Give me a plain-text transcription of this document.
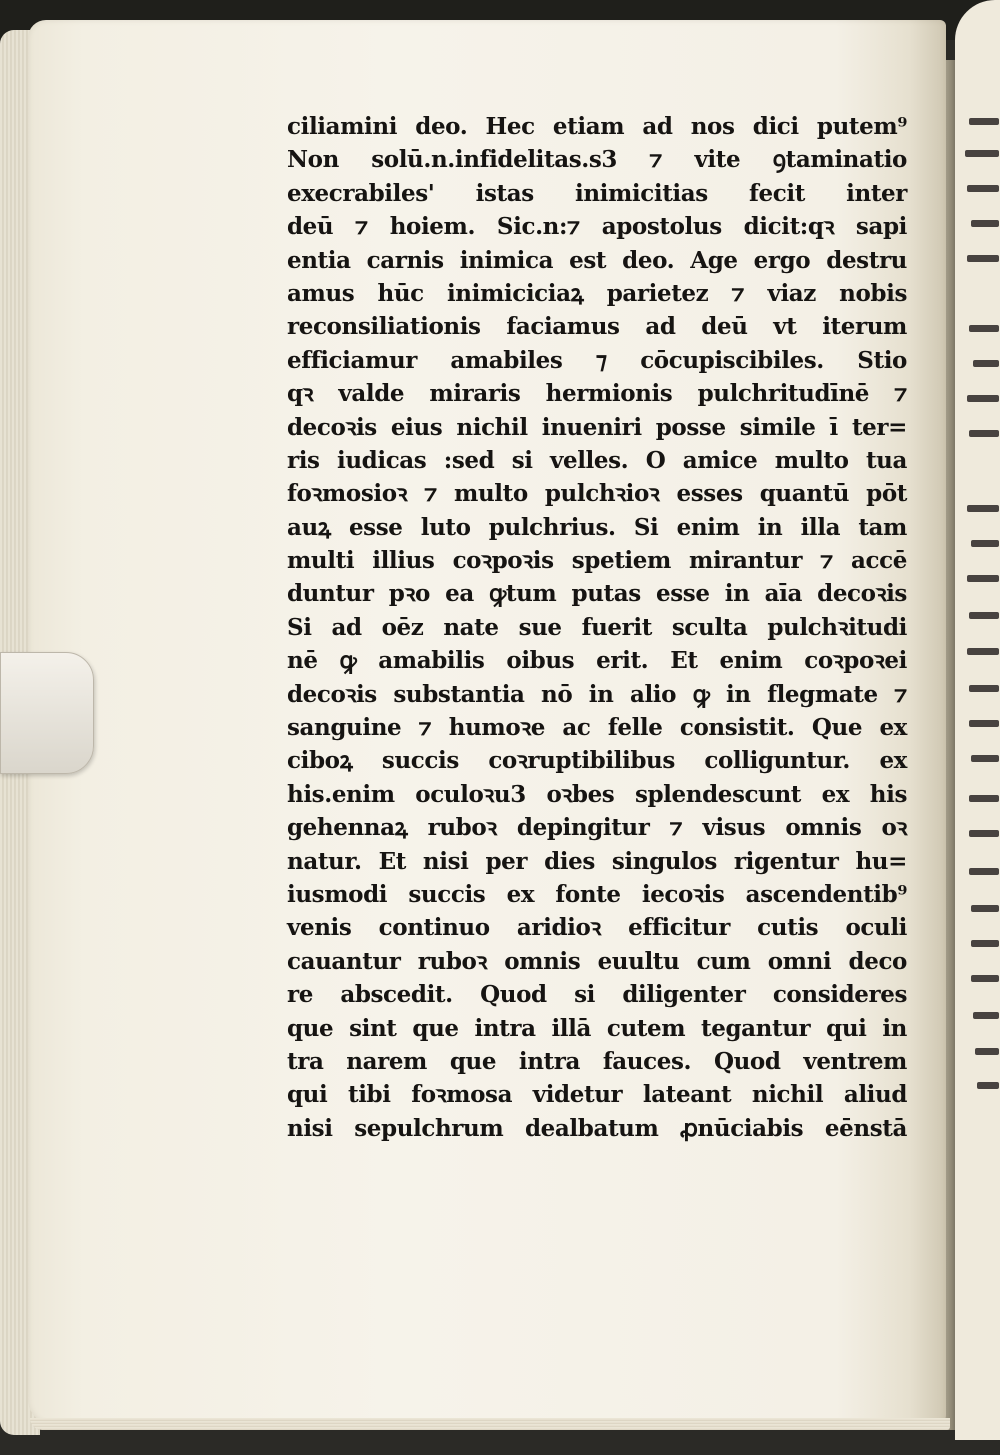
ciliamini deo. Hec etiam ad nos dici putem⁹
Non solū.n.infidelitas.s3 ⁊ vite ꝯtaminatio
execrabiles' istas inimicitias fecit inter
deū ⁊ hoiem. Sic.n:⁊ apostolus dicit:qꝛ sapi
entia carnis inimica est deo. Age ergo destru
amus hūc inimiciciaꝝ parietez ⁊ viaz nobis
reconsiliationis faciamus ad deū vt iterum
efficiamur amabiles ⁊ cōcupiscibiles. Stio
qꝛ valde miraris hermionis pulchritudīnē ⁊
decoꝛis eius nichil inueniri posse simile ī ter=
ris iudicas :sed si velles. O amice multo tua
foꝛmosioꝛ ⁊ multo pulchꝛioꝛ esses quantū pōt
auꝝ esse luto pulchrius. Si enim in illa tam
multi illius coꝛpoꝛis spetiem mirantur ⁊ accē
duntur pꝛo ea ꝙtum putas esse in aīa decoꝛis
Si ad oēz nate sue fuerit sculta pulchꝛitudi
nē ꝙ amabilis oibus erit. Et enim coꝛpoꝛei
decoꝛis substantia nō in alio ꝙ in flegmate ⁊
sanguine ⁊ humoꝛe ac felle consistit. Que ex
ciboꝝ succis coꝛruptibilibus colliguntur. ex
his.enim oculoꝛu3 oꝛbes splendescunt ex his
gehennaꝝ ruboꝛ depingitur ⁊ visus omnis oꝛ
natur. Et nisi per dies singulos rigentur hu=
iusmodi succis ex fonte iecoꝛis ascendentib⁹
venis continuo aridioꝛ efficitur cutis oculi
cauantur ruboꝛ omnis euultu cum omni deco
re abscedit. Quod si diligenter consideres
que sint que intra illā cutem tegantur qui in
tra narem que intra fauces. Quod ventrem
qui tibi foꝛmosa videtur lateant nichil aliud
nisi sepulchrum dealbatum ꝓnūciabis eēnstā
